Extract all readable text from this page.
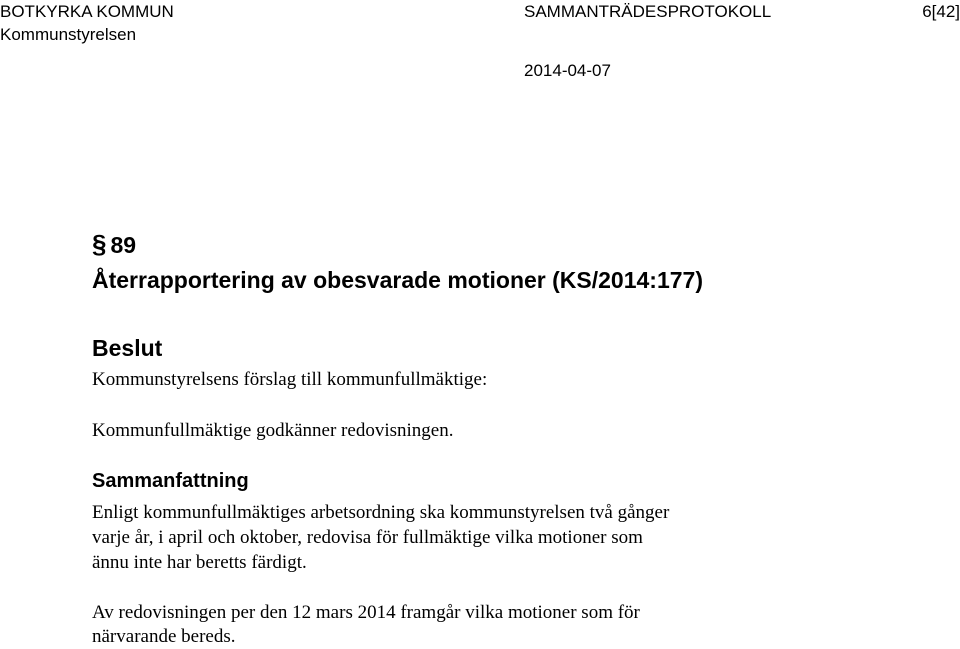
BOTKYRKA KOMMUN	SAMMANTRÄDESPROTOKOLL	6[42]
Kommunstyrelsen
2014-04-07
§ 89
Återrapportering av obesvarade motioner (KS/2014:177)
Beslut
Kommunstyrelsens förslag till kommunfullmäktige:
Kommunfullmäktige godkänner redovisningen.
Sammanfattning
Enligt kommunfullmäktiges arbetsordning ska kommunstyrelsen två gånger
varje år, i april och oktober, redovisa för fullmäktige vilka motioner som
ännu inte har beretts färdigt.
Av redovisningen per den 12 mars 2014 framgår vilka motioner som för
närvarande bereds.
